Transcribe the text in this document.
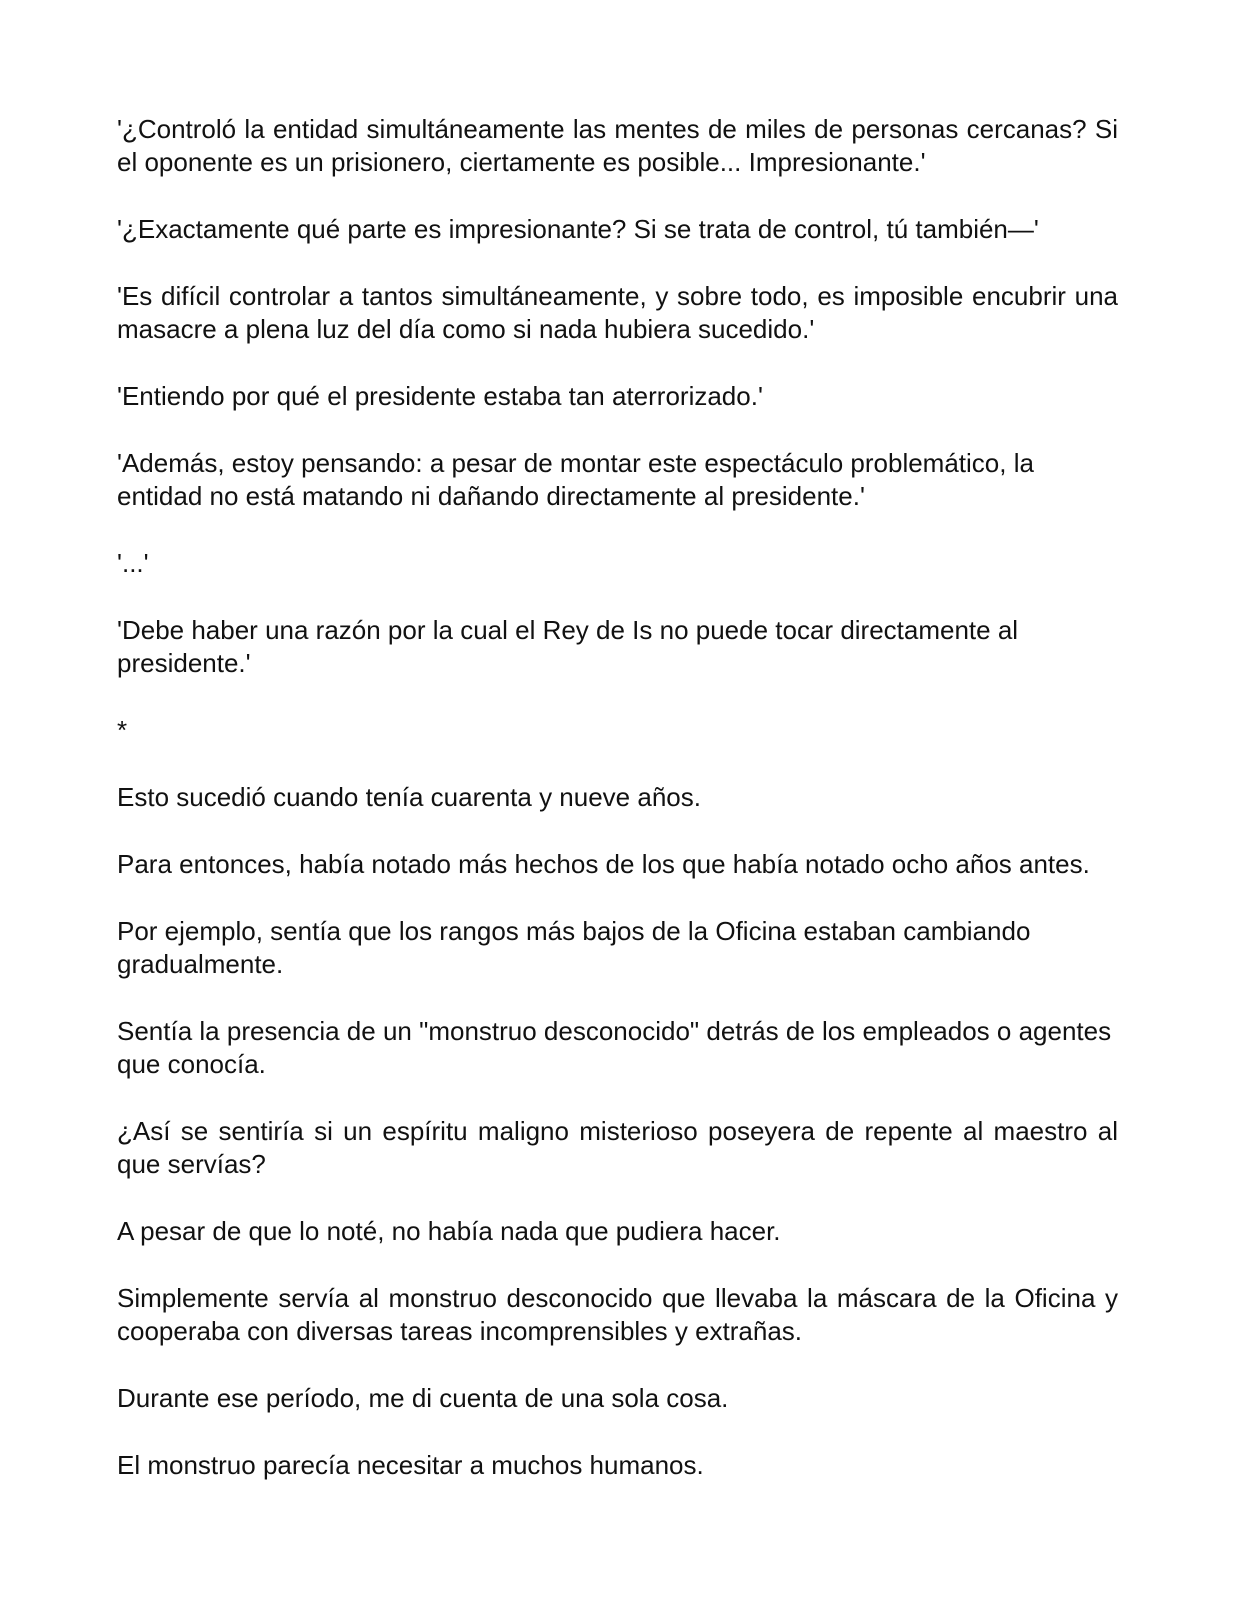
'¿Controló la entidad simultáneamente las mentes de miles de personas cercanas? Si el oponente es un prisionero, ciertamente es posible... Impresionante.'

'¿Exactamente qué parte es impresionante? Si se trata de control, tú también—'

'Es difícil controlar a tantos simultáneamente, y sobre todo, es imposible encubrir una masacre a plena luz del día como si nada hubiera sucedido.'

'Entiendo por qué el presidente estaba tan aterrorizado.'

'Además, estoy pensando: a pesar de montar este espectáculo problemático, la entidad no está matando ni dañando directamente al presidente.'

'...'

'Debe haber una razón por la cual el Rey de Is no puede tocar directamente al presidente.'

*

Esto sucedió cuando tenía cuarenta y nueve años.

Para entonces, había notado más hechos de los que había notado ocho años antes.

Por ejemplo, sentía que los rangos más bajos de la Oficina estaban cambiando gradualmente.

Sentía la presencia de un "monstruo desconocido" detrás de los empleados o agentes que conocía.

¿Así se sentiría si un espíritu maligno misterioso poseyera de repente al maestro al que servías?

A pesar de que lo noté, no había nada que pudiera hacer.

Simplemente servía al monstruo desconocido que llevaba la máscara de la Oficina y cooperaba con diversas tareas incomprensibles y extrañas.

Durante ese período, me di cuenta de una sola cosa.

El monstruo parecía necesitar a muchos humanos.
